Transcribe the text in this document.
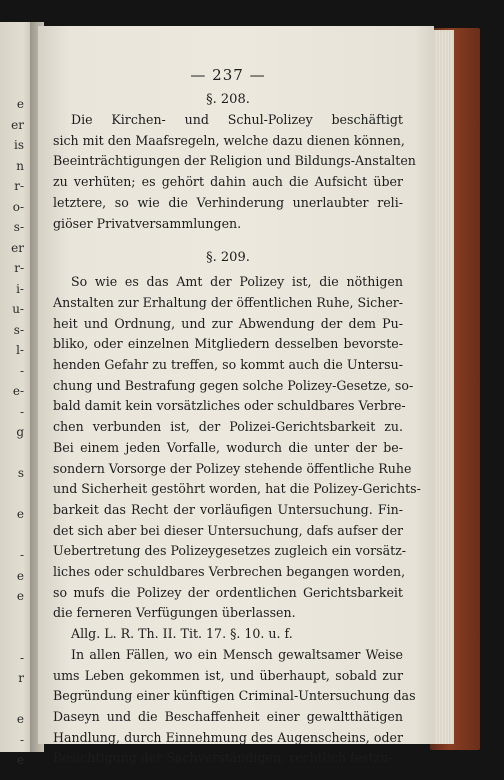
e
er
is
n
r-
o-
s-
er
r-
i-
u-
s-
l-
-
e-
-
g
s
e
-
e
e
-
r
e
-
e

— 237 —

§. 208.

Die Kirchen- und Schul-Polizey beschäftigt
sich mit den Maafsregeln, welche dazu dienen können,
Beeinträchtigungen der Religion und Bildungs-Anstalten
zu verhüten; es gehört dahin auch die Aufsicht über
letztere, so wie die Verhinderung unerlaubter reli-
giöser Privatversammlungen.

§. 209.

So wie es das Amt der Polizey ist, die nöthigen
Anstalten zur Erhaltung der öffentlichen Ruhe, Sicher-
heit und Ordnung, und zur Abwendung der dem Pu-
bliko, oder einzelnen Mitgliedern desselben bevorste-
henden Gefahr zu treffen, so kommt auch die Untersu-
chung und Bestrafung gegen solche Polizey-Gesetze, so-
bald damit kein vorsätzliches oder schuldbares Verbre-
chen verbunden ist, der Polizei-Gerichtsbarkeit zu.
Bei einem jeden Vorfalle, wodurch die unter der be-
sondern Vorsorge der Polizey stehende öffentliche Ruhe
und Sicherheit gestöhrt worden, hat die Polizey-Gerichts-
barkeit das Recht der vorläufigen Untersuchung. Fin-
det sich aber bei dieser Untersuchung, dafs aufser der
Uebertretung des Polizeygesetzes zugleich ein vorsätz-
liches oder schuldbares Verbrechen begangen worden,
so mufs die Polizey der ordentlichen Gerichtsbarkeit
die ferneren Verfügungen überlassen.

Allg. L. R. Th. II. Tit. 17. §. 10. u. f.

In allen Fällen, wo ein Mensch gewaltsamer Weise
ums Leben gekommen ist, und überhaupt, sobald zur
Begründung einer künftigen Criminal-Untersuchung das
Daseyn und die Beschaffenheit einer gewaltthätigen
Handlung, durch Einnehmung des Augenscheins, oder
Besichtigung der Sachverständigen, rechtlich festzu-
